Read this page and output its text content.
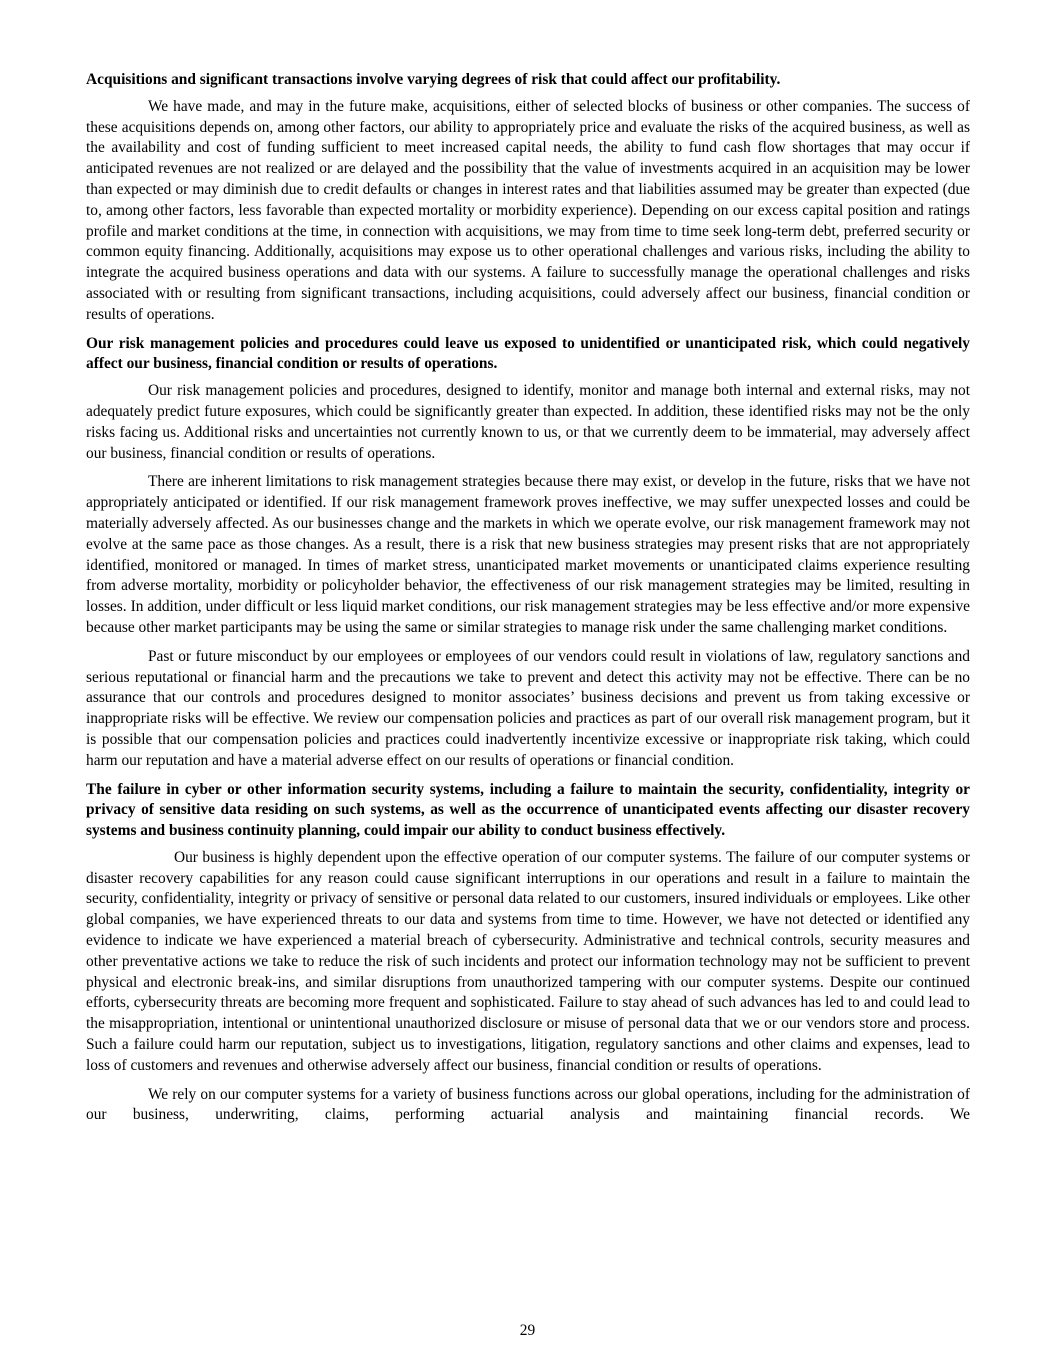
Acquisitions and significant transactions involve varying degrees of risk that could affect our profitability.

We have made, and may in the future make, acquisitions, either of selected blocks of business or other companies. The success of these acquisitions depends on, among other factors, our ability to appropriately price and evaluate the risks of the acquired business, as well as the availability and cost of funding sufficient to meet increased capital needs, the ability to fund cash flow shortages that may occur if anticipated revenues are not realized or are delayed and the possibility that the value of investments acquired in an acquisition may be lower than expected or may diminish due to credit defaults or changes in interest rates and that liabilities assumed may be greater than expected (due to, among other factors, less favorable than expected mortality or morbidity experience). Depending on our excess capital position and ratings profile and market conditions at the time, in connection with acquisitions, we may from time to time seek long-term debt, preferred security or common equity financing. Additionally, acquisitions may expose us to other operational challenges and various risks, including the ability to integrate the acquired business operations and data with our systems. A failure to successfully manage the operational challenges and risks associated with or resulting from significant transactions, including acquisitions, could adversely affect our business, financial condition or results of operations.

Our risk management policies and procedures could leave us exposed to unidentified or unanticipated risk, which could negatively affect our business, financial condition or results of operations.

Our risk management policies and procedures, designed to identify, monitor and manage both internal and external risks, may not adequately predict future exposures, which could be significantly greater than expected. In addition, these identified risks may not be the only risks facing us. Additional risks and uncertainties not currently known to us, or that we currently deem to be immaterial, may adversely affect our business, financial condition or results of operations.

There are inherent limitations to risk management strategies because there may exist, or develop in the future, risks that we have not appropriately anticipated or identified. If our risk management framework proves ineffective, we may suffer unexpected losses and could be materially adversely affected. As our businesses change and the markets in which we operate evolve, our risk management framework may not evolve at the same pace as those changes. As a result, there is a risk that new business strategies may present risks that are not appropriately identified, monitored or managed. In times of market stress, unanticipated market movements or unanticipated claims experience resulting from adverse mortality, morbidity or policyholder behavior, the effectiveness of our risk management strategies may be limited, resulting in losses. In addition, under difficult or less liquid market conditions, our risk management strategies may be less effective and/or more expensive because other market participants may be using the same or similar strategies to manage risk under the same challenging market conditions.

Past or future misconduct by our employees or employees of our vendors could result in violations of law, regulatory sanctions and serious reputational or financial harm and the precautions we take to prevent and detect this activity may not be effective. There can be no assurance that our controls and procedures designed to monitor associates’ business decisions and prevent us from taking excessive or inappropriate risks will be effective. We review our compensation policies and practices as part of our overall risk management program, but it is possible that our compensation policies and practices could inadvertently incentivize excessive or inappropriate risk taking, which could harm our reputation and have a material adverse effect on our results of operations or financial condition.

The failure in cyber or other information security systems, including a failure to maintain the security, confidentiality, integrity or privacy of sensitive data residing on such systems, as well as the occurrence of unanticipated events affecting our disaster recovery systems and business continuity planning, could impair our ability to conduct business effectively.

Our business is highly dependent upon the effective operation of our computer systems. The failure of our computer systems or disaster recovery capabilities for any reason could cause significant interruptions in our operations and result in a failure to maintain the security, confidentiality, integrity or privacy of sensitive or personal data related to our customers, insured individuals or employees. Like other global companies, we have experienced threats to our data and systems from time to time. However, we have not detected or identified any evidence to indicate we have experienced a material breach of cybersecurity. Administrative and technical controls, security measures and other preventative actions we take to reduce the risk of such incidents and protect our information technology may not be sufficient to prevent physical and electronic break-ins, and similar disruptions from unauthorized tampering with our computer systems. Despite our continued efforts, cybersecurity threats are becoming more frequent and sophisticated. Failure to stay ahead of such advances has led to and could lead to the misappropriation, intentional or unintentional unauthorized disclosure or misuse of personal data that we or our vendors store and process. Such a failure could harm our reputation, subject us to investigations, litigation, regulatory sanctions and other claims and expenses, lead to loss of customers and revenues and otherwise adversely affect our business, financial condition or results of operations.

We rely on our computer systems for a variety of business functions across our global operations, including for the administration of our business, underwriting, claims, performing actuarial analysis and maintaining financial records. We

29
